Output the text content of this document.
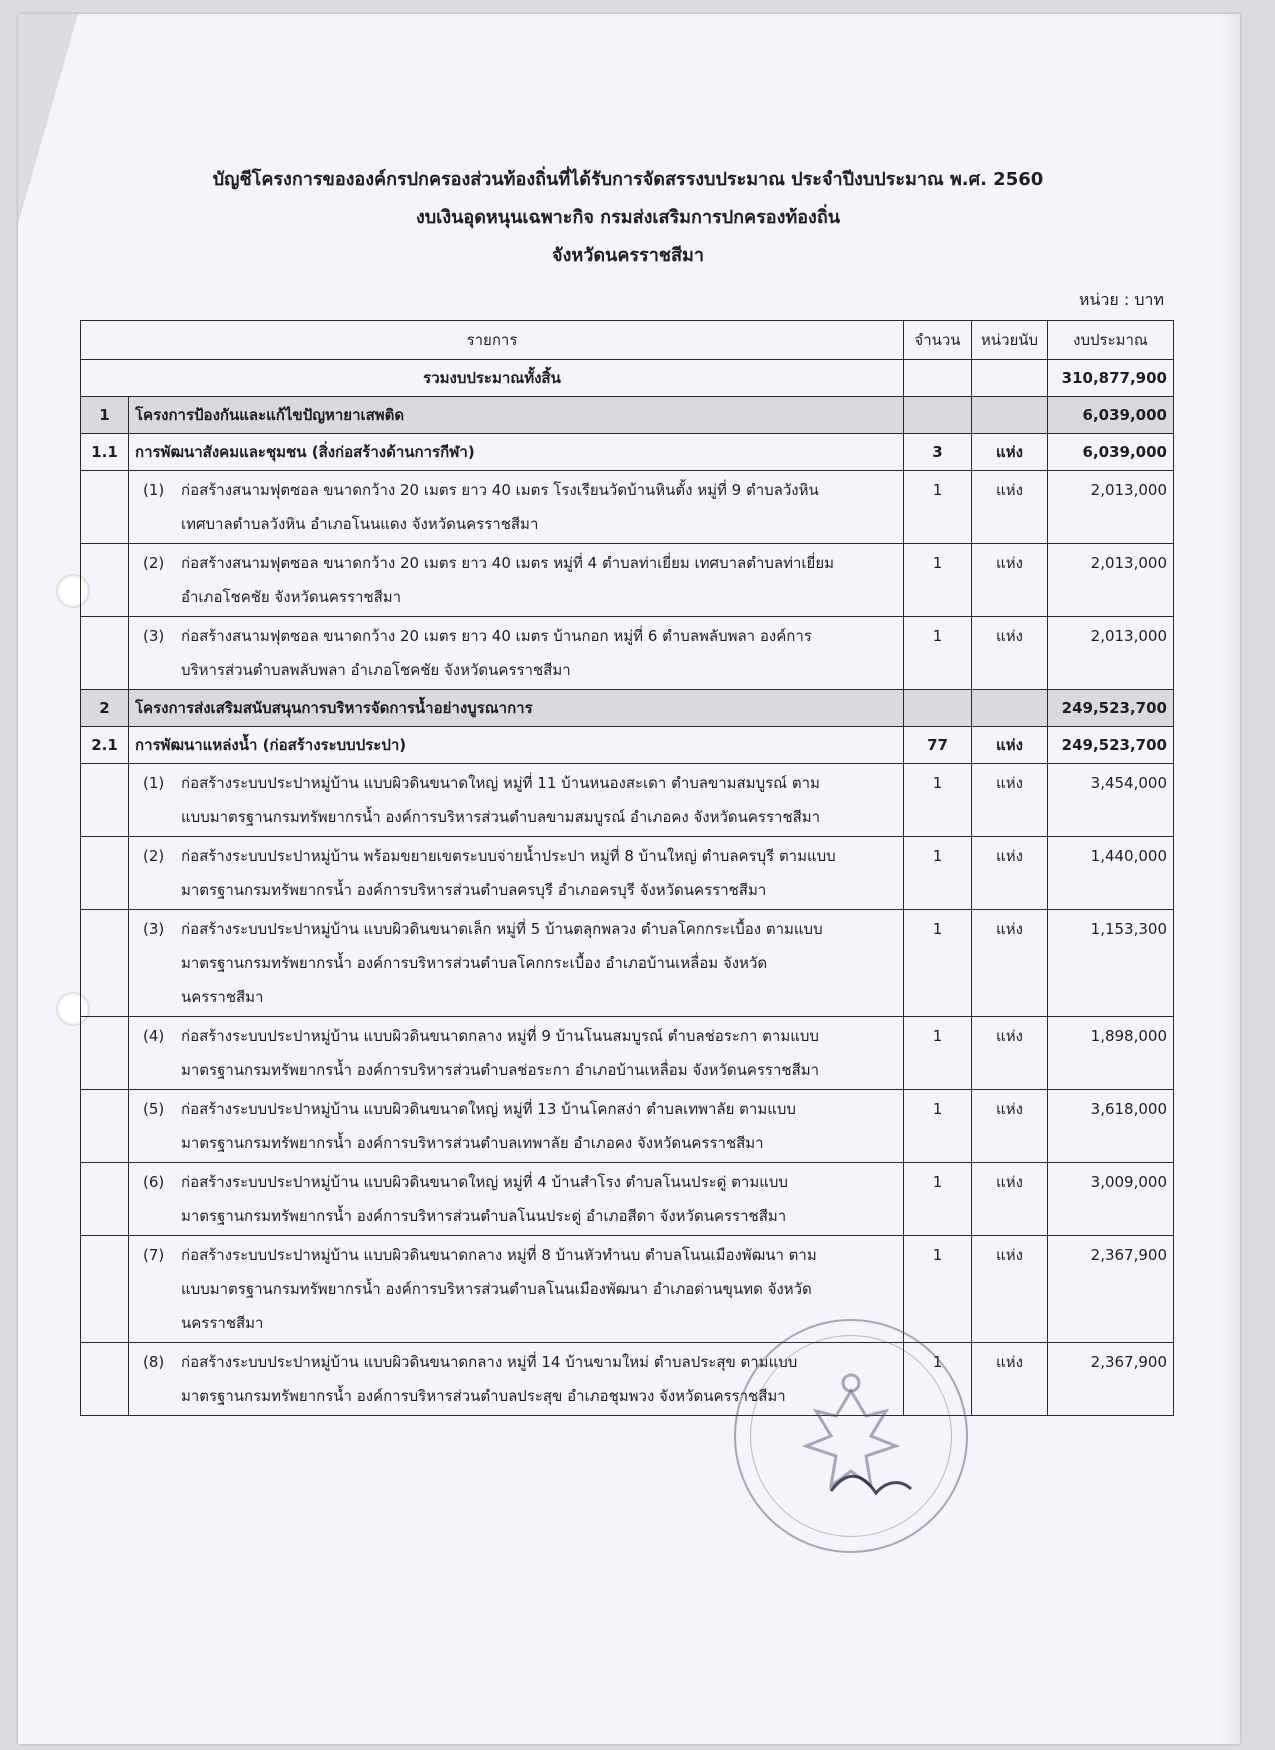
บัญชีโครงการขององค์กรปกครองส่วนท้องถิ่นที่ได้รับการจัดสรรงบประมาณ ประจำปีงบประมาณ พ.ศ. 2560
งบเงินอุดหนุนเฉพาะกิจ กรมส่งเสริมการปกครองท้องถิ่น
จังหวัดนครราชสีมา
หน่วย : บาท
รายการ		จำนวน	หน่วยนับ	งบประมาณ
รวมงบประมาณทั้งสิ้น				310,877,900
1	โครงการป้องกันและแก้ไขปัญหายาเสพติด			6,039,000
1.1	การพัฒนาสังคมและชุมชน (สิ่งก่อสร้างด้านการกีฬา)	3	แห่ง	6,039,000
	(1) ก่อสร้างสนามฟุตซอล ขนาดกว้าง 20 เมตร ยาว 40 เมตร โรงเรียนวัดบ้านหินตั้ง หมู่ที่ 9 ตำบลวังหิน เทศบาลตำบลวังหิน อำเภอโนนแดง จังหวัดนครราชสีมา	1	แห่ง	2,013,000
	(2) ก่อสร้างสนามฟุตซอล ขนาดกว้าง 20 เมตร ยาว 40 เมตร หมู่ที่ 4 ตำบลท่าเยี่ยม เทศบาลตำบลท่าเยี่ยม อำเภอโชคชัย จังหวัดนครราชสีมา	1	แห่ง	2,013,000
	(3) ก่อสร้างสนามฟุตซอล ขนาดกว้าง 20 เมตร ยาว 40 เมตร บ้านกอก หมู่ที่ 6 ตำบลพลับพลา องค์การบริหารส่วนตำบลพลับพลา อำเภอโชคชัย จังหวัดนครราชสีมา	1	แห่ง	2,013,000
2	โครงการส่งเสริมสนับสนุนการบริหารจัดการน้ำอย่างบูรณาการ			249,523,700
2.1	การพัฒนาแหล่งน้ำ (ก่อสร้างระบบประปา)	77	แห่ง	249,523,700
	(1) ก่อสร้างระบบประปาหมู่บ้าน แบบผิวดินขนาดใหญ่ หมู่ที่ 11 บ้านหนองสะเดา ตำบลขามสมบูรณ์ ตามแบบมาตรฐานกรมทรัพยากรน้ำ องค์การบริหารส่วนตำบลขามสมบูรณ์ อำเภอคง จังหวัดนครราชสีมา	1	แห่ง	3,454,000
	(2) ก่อสร้างระบบประปาหมู่บ้าน พร้อมขยายเขตระบบจ่ายน้ำประปา หมู่ที่ 8 บ้านใหญ่ ตำบลครบุรี ตามแบบมาตรฐานกรมทรัพยากรน้ำ องค์การบริหารส่วนตำบลครบุรี อำเภอครบุรี จังหวัดนครราชสีมา	1	แห่ง	1,440,000
	(3) ก่อสร้างระบบประปาหมู่บ้าน แบบผิวดินขนาดเล็ก หมู่ที่ 5 บ้านตลุกพลวง ตำบลโคกกระเบื้อง ตามแบบมาตรฐานกรมทรัพยากรน้ำ องค์การบริหารส่วนตำบลโคกกระเบื้อง อำเภอบ้านเหลื่อม จังหวัดนครราชสีมา	1	แห่ง	1,153,300
	(4) ก่อสร้างระบบประปาหมู่บ้าน แบบผิวดินขนาดกลาง หมู่ที่ 9 บ้านโนนสมบูรณ์ ตำบลช่อระกา ตามแบบมาตรฐานกรมทรัพยากรน้ำ องค์การบริหารส่วนตำบลช่อระกา อำเภอบ้านเหลื่อม จังหวัดนครราชสีมา	1	แห่ง	1,898,000
	(5) ก่อสร้างระบบประปาหมู่บ้าน แบบผิวดินขนาดใหญ่ หมู่ที่ 13 บ้านโคกสง่า ตำบลเทพาลัย ตามแบบมาตรฐานกรมทรัพยากรน้ำ องค์การบริหารส่วนตำบลเทพาลัย อำเภอคง จังหวัดนครราชสีมา	1	แห่ง	3,618,000
	(6) ก่อสร้างระบบประปาหมู่บ้าน แบบผิวดินขนาดใหญ่ หมู่ที่ 4 บ้านสำโรง ตำบลโนนประดู่ ตามแบบมาตรฐานกรมทรัพยากรน้ำ องค์การบริหารส่วนตำบลโนนประดู่ อำเภอสีดา จังหวัดนครราชสีมา	1	แห่ง	3,009,000
	(7) ก่อสร้างระบบประปาหมู่บ้าน แบบผิวดินขนาดกลาง หมู่ที่ 8 บ้านหัวทำนบ ตำบลโนนเมืองพัฒนา ตามแบบมาตรฐานกรมทรัพยากรน้ำ องค์การบริหารส่วนตำบลโนนเมืองพัฒนา อำเภอด่านขุนทด จังหวัดนครราชสีมา	1	แห่ง	2,367,900
	(8) ก่อสร้างระบบประปาหมู่บ้าน แบบผิวดินขนาดกลาง หมู่ที่ 14 บ้านขามใหม่ ตำบลประสุข ตามแบบมาตรฐานกรมทรัพยากรน้ำ องค์การบริหารส่วนตำบลประสุข อำเภอชุมพวง จังหวัดนครราชสีมา	1	แห่ง	2,367,900
